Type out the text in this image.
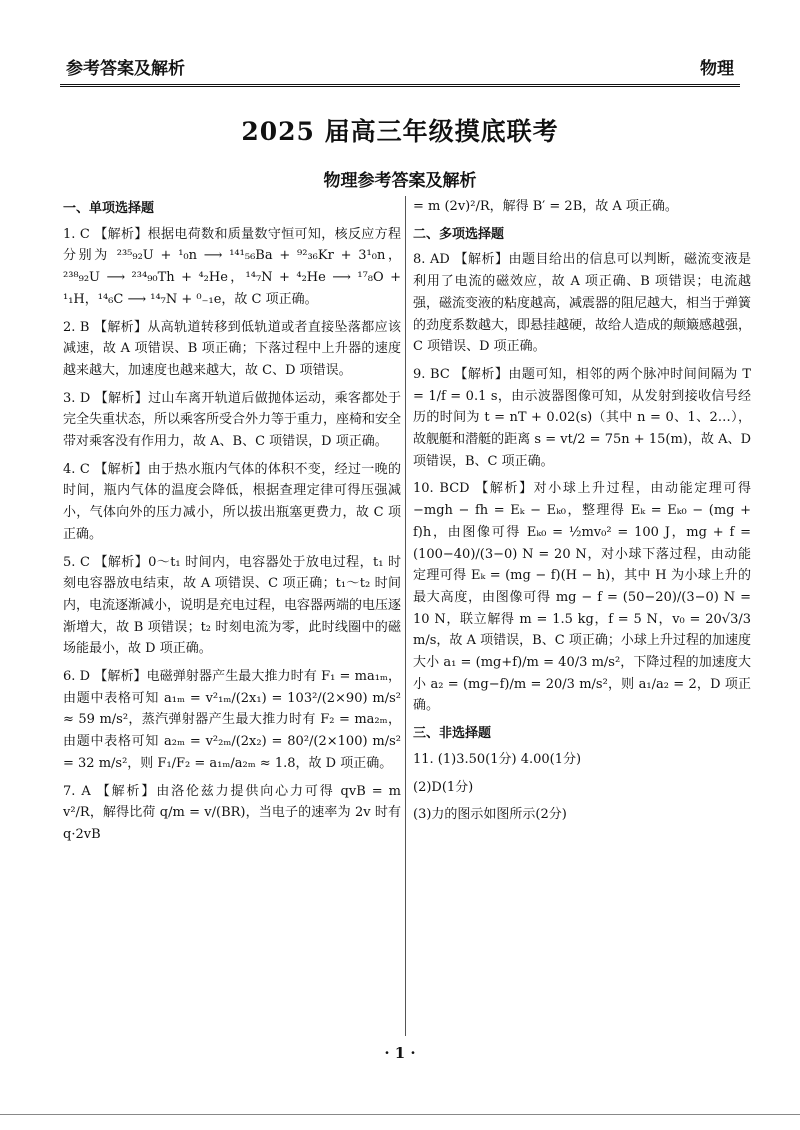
参考答案及解析	物理
2025 届高三年级摸底联考
物理参考答案及解析
一、单项选择题
1. C 【解析】根据电荷数和质量数守恒可知，核反应方程分别为 ²³⁵₉₂U + ¹₀n ⟶ ¹⁴¹₅₆Ba + ⁹²₃₆Kr + 3¹₀n，²³⁸₉₂U ⟶ ²³⁴₉₀Th + ⁴₂He，¹⁴₇N + ⁴₂He ⟶ ¹⁷₈O + ¹₁H，¹⁴₆C ⟶ ¹⁴₇N + ⁰₋₁e，故 C 项正确。
2. B 【解析】从高轨道转移到低轨道或者直接坠落都应该减速，故 A 项错误、B 项正确；下落过程中上升器的速度越来越大，加速度也越来越大，故 C、D 项错误。
3. D 【解析】过山车离开轨道后做抛体运动，乘客都处于完全失重状态，所以乘客所受合外力等于重力，座椅和安全带对乘客没有作用力，故 A、B、C 项错误，D 项正确。
4. C 【解析】由于热水瓶内气体的体积不变，经过一晚的时间，瓶内气体的温度会降低，根据查理定律可得压强减小，气体向外的压力减小，所以拔出瓶塞更费力，故 C 项正确。
5. C 【解析】0～t₁ 时间内，电容器处于放电过程，t₁ 时刻电容器放电结束，故 A 项错误、C 项正确；t₁～t₂ 时间内，电流逐渐减小，说明是充电过程，电容器两端的电压逐渐增大，故 B 项错误；t₂ 时刻电流为零，此时线圈中的磁场能最小，故 D 项正确。
6. D 【解析】电磁弹射器产生最大推力时有 F₁ = ma₁ₘ，由题中表格可知 a₁ₘ = v²₁ₘ/(2x₁) = 103²/(2×90) m/s² ≈ 59 m/s²，蒸汽弹射器产生最大推力时有 F₂ = ma₂ₘ，由题中表格可知 a₂ₘ = v²₂ₘ/(2x₂) = 80²/(2×100) m/s² = 32 m/s²，则 F₁/F₂ = a₁ₘ/a₂ₘ ≈ 1.8，故 D 项正确。
7. A 【解析】由洛伦兹力提供向心力可得 qvB = m v²/R，解得比荷 q/m = v/(BR)，当电子的速率为 2v 时有 q·2vB
= m (2v)²/R，解得 B′ = 2B，故 A 项正确。
二、多项选择题
8. AD 【解析】由题目给出的信息可以判断，磁流变液是利用了电流的磁效应，故 A 项正确、B 项错误；电流越强，磁流变液的粘度越高，减震器的阻尼越大，相当于弹簧的劲度系数越大，即悬挂越硬，故给人造成的颠簸感越强，C 项错误、D 项正确。
9. BC 【解析】由题可知，相邻的两个脉冲时间间隔为 T = 1/f = 0.1 s，由示波器图像可知，从发射到接收信号经历的时间为 t = nT + 0.02(s)（其中 n = 0、1、2…），故舰艇和潜艇的距离 s = vt/2 = 75n + 15(m)，故 A、D 项错误，B、C 项正确。
10. BCD 【解析】对小球上升过程，由动能定理可得 −mgh − fh = Eₖ − Eₖ₀，整理得 Eₖ = Eₖ₀ − (mg + f)h，由图像可得 Eₖ₀ = ½mv₀² = 100 J，mg + f = (100−40)/(3−0) N = 20 N，对小球下落过程，由动能定理可得 Eₖ = (mg − f)(H − h)，其中 H 为小球上升的最大高度，由图像可得 mg − f = (50−20)/(3−0) N = 10 N，联立解得 m = 1.5 kg，f = 5 N，v₀ = 20√3/3 m/s，故 A 项错误，B、C 项正确；小球上升过程的加速度大小 a₁ = (mg+f)/m = 40/3 m/s²，下降过程的加速度大小 a₂ = (mg−f)/m = 20/3 m/s²，则 a₁/a₂ = 2，D 项正确。
三、非选择题
11. (1)3.50(1分) 4.00(1分)
(2)D(1分)
(3)力的图示如图所示(2分)
· 1 ·
